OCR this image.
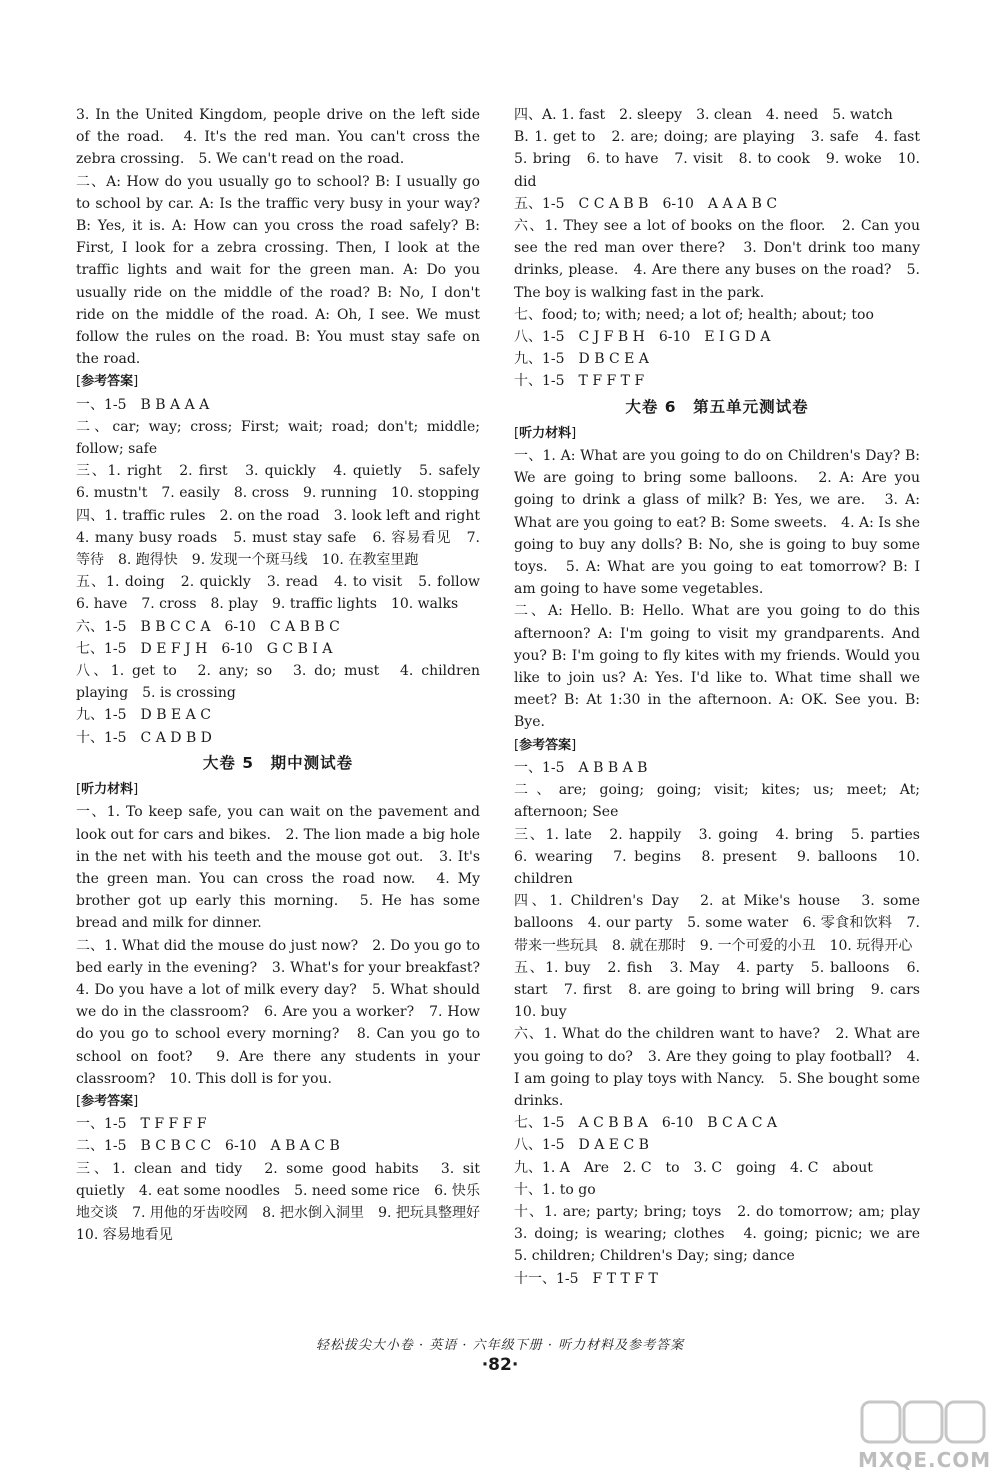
3. In the United Kingdom, people drive on the left side of the road.　4. It's the red man. You can't cross the zebra crossing.　5. We can't read on the road.

二、A: How do you usually go to school? B: I usually go to school by car. A: Is the traffic very busy in your way? B: Yes, it is. A: How can you cross the road safely? B: First, I look for a zebra crossing. Then, I look at the traffic lights and wait for the green man. A: Do you usually ride on the middle of the road? B: No, I don't ride on the middle of the road. A: Oh, I see. We must follow the rules on the road. B: You must stay safe on the road.

[ 参考答案 ]

一、1-5　B B A A A

二、car; way; cross; First; wait; road; don't; middle; follow; safe

三、1. right　2. first　3. quickly　4. quietly　5. safely　6. mustn't　7. easily　8. cross　9. running　10. stopping

四、1. traffic rules　2. on the road　3. look left and right　4. many busy roads　5. must stay safe　6. 容易看见　7. 等待　8. 跑得快　9. 发现一个斑马线　10. 在教室里跑

五、1. doing　2. quickly　3. read　4. to visit　5. follow　6. have　7. cross　8. play　9. traffic lights　10. walks

六、1-5　B B C C A　6-10　C A B B C

七、1-5　D E F J H　6-10　G C B I A

八、1. get to　2. any; so　3. do; must　4. children playing　5. is crossing

九、1-5　D B E A C

十、1-5　C A D B D

大卷 5　期中测试卷
[ 听力材料 ]

一、1. To keep safe, you can wait on the pavement and look out for cars and bikes.　2. The lion made a big hole in the net with his teeth and the mouse got out.　3. It's the green man. You can cross the road now.　4. My brother got up early this morning.　5. He has some bread and milk for dinner.

二、1. What did the mouse do just now?　2. Do you go to bed early in the evening?　3. What's for your breakfast?　4. Do you have a lot of milk every day?　5. What should we do in the classroom?　6. Are you a worker?　7. How do you go to school every morning?　8. Can you go to school on foot?　9. Are there any students in your classroom?　10. This doll is for you.

[ 参考答案 ]

一、1-5　T F F F F

二、1-5　B C B C C　6-10　A B A C B

三、1. clean and tidy　2. some good habits　3. sit quietly　4. eat some noodles　5. need some rice　6. 快乐地交谈　7. 用他的牙齿咬网　8. 把水倒入洞里　9. 把玩具整理好　10. 容易地看见

四、A. 1. fast　2. sleepy　3. clean　4. need　5. watch

B. 1. get to　2. are; doing; are playing　3. safe　4. fast　5. bring　6. to have　7. visit　8. to cook　9. woke　10. did

五、1-5　C C A B B　6-10　A A A B C

六、1. They see a lot of books on the floor.　2. Can you see the red man over there?　3. Don't drink too many drinks, please.　4. Are there any buses on the road?　5. The boy is walking fast in the park.

七、food; to; with; need; a lot of; health; about; too

八、1-5　C J F B H　6-10　E I G D A

九、1-5　D B C E A

十、1-5　T F F T F

大卷 6　第五单元测试卷
[ 听力材料 ]

一、1. A: What are you going to do on Children's Day? B: We are going to bring some balloons.　2. A: Are you going to drink a glass of milk? B: Yes, we are.　3. A: What are you going to eat? B: Some sweets.　4. A: Is she going to buy any dolls? B: No, she is going to buy some toys.　5. A: What are you going to eat tomorrow? B: I am going to have some vegetables.

二、A: Hello. B: Hello. What are you going to do this afternoon? A: I'm going to visit my grandparents. And you? B: I'm going to fly kites with my friends. Would you like to join us? A: Yes. I'd like to. What time shall we meet? B: At 1:30 in the afternoon. A: OK. See you. B: Bye.

[ 参考答案 ]

一、1-5　A B B A B

二、are; going; going; visit; kites; us; meet; At; afternoon; See

三、1. late　2. happily　3. going　4. bring　5. parties　6. wearing　7. begins　8. present　9. balloons　10. children

四、1. Children's Day　2. at Mike's house　3. some balloons　4. our party　5. some water　6. 零食和饮料　7. 带来一些玩具　8. 就在那时　9. 一个可爱的小丑　10. 玩得开心

五、1. buy　2. fish　3. May　4. party　5. balloons　6. start　7. first　8. are going to bring will bring　9. cars　10. buy

六、1. What do the children want to have?　2. What are you going to do?　3. Are they going to play football?　4. I am going to play toys with Nancy.　5. She bought some drinks.

七、1-5　A C B B A　6-10　B C A C A

八、1-5　D A E C B

九、1. A　Are　2. C　to　3. C　going　4. C　about

十、1. to go

十、1. are; party; bring; toys　2. do tomorrow; am; play　3. doing; is wearing; clothes　4. going; picnic; we are　5. children; Children's Day; sing; dance

十一、1-5　F T T F T

轻松拔尖大小卷 · 英语 · 六年级下册 · 听力材料及参考答案
·82·
MXQE.COM
